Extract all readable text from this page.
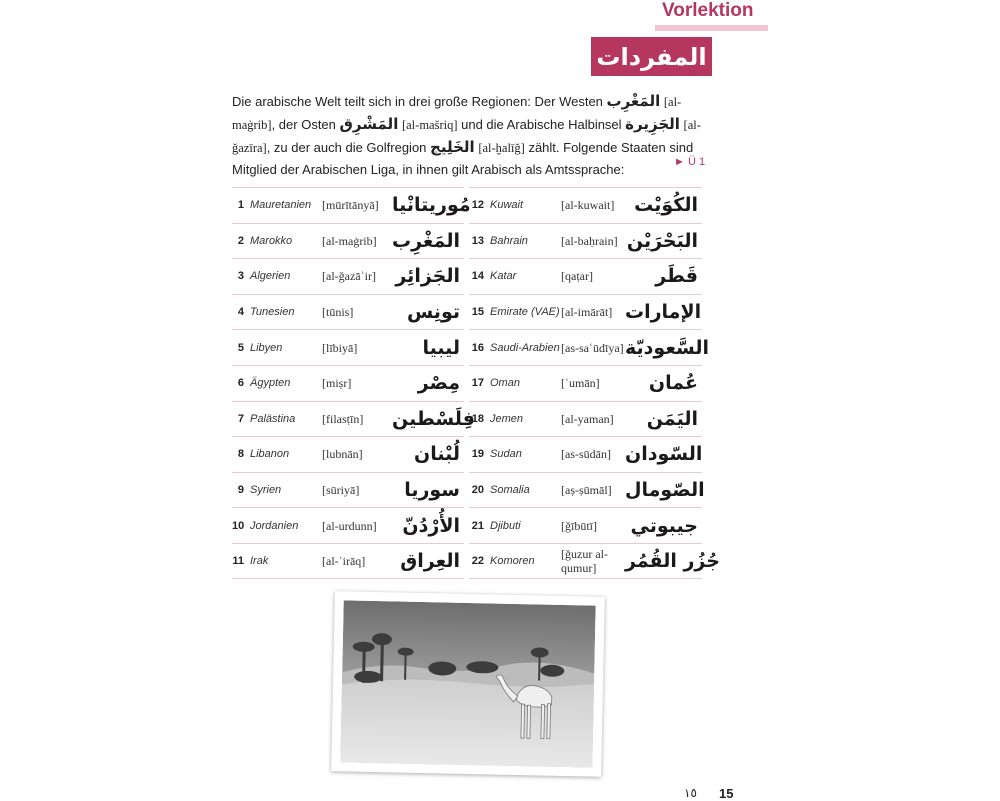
Vorlektion
المفردات
Die arabische Welt teilt sich in drei große Regionen: Der Westen المَغْرِب [al-maġrib], der Osten المَشْرِق [al-mašriq] und die Arabische Halbinsel الجَزِيرة [al-ǧazīra], zu der auch die Golfregion الخَلِيج [al-ḫalīǧ] zählt. Folgende Staaten sind Mitglied der Arabischen Liga, in ihnen gilt Arabisch als Amtssprache:	► Ü 1
1 Mauretanien [mūrītānyā] مُوريتانْيا
2 Marokko	[al-maġrib] المَغْرِب
3 Algerien	[al-ǧazāʾir]	الجَزائِر
4 Tunesien	[tūnis]	تونِس
5 Libyen	[lībiyā]	ليبيا
6 Ägypten	[miṣr]	مِصْر
7 Palästina	[filasṭīn]	فِلَسْطين
8 Libanon	[lubnān]	لُبْنان
9 Syrien	[sūriyā]	سوريا
10 Jordanien	[al-urdunn]	الأُرْدُنّ
11 Irak	[al-ʿirāq]	العِراق
12 Kuwait	[al-kuwait]	الكُوَيْت
13 Bahrain	[al-baḥrain] البَحْرَيْن
14 Katar	[qaṭar]	قَطَر
15 Emirate (VAE) [al-imārāt] الإمارات
16 Saudi-Arabien [as-saʿūdīya] السَّعوديّة
17 Oman	[ʿumān]	عُمان
18 Jemen	[al-yaman]	اليَمَن
19 Sudan	[as-sūdān] السّودان
20 Somalia	[aṣ-ṣūmāl] الصّومال
21 Djibuti	[ǧībūtī]	جيبوتي
22 Komoren	[ǧuzur al-qumur]	جُزُر القُمُر
١٥ 15
